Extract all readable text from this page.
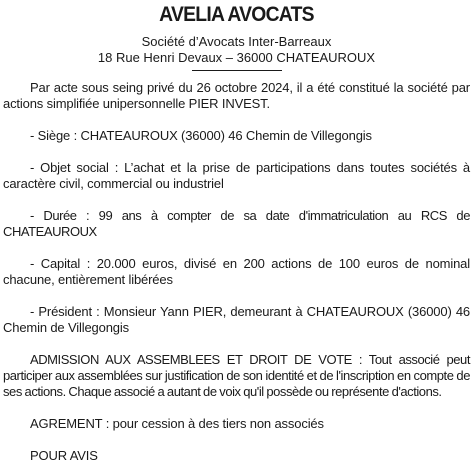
AVELIA AVOCATS

Société d’Avocats Inter-Barreaux

18 Rue Henri Devaux – 36000 CHATEAUROUX

Par acte sous seing privé du 26 octobre 2024, il a été constitué la société par actions simplifiée unipersonnelle PIER INVEST.

- Siège : CHATEAUROUX (36000) 46 Chemin de Villegongis

- Objet social : L’achat et la prise de participations dans toutes sociétés à caractère civil, commercial ou industriel

- Durée : 99 ans à compter de sa date d'immatriculation au RCS de CHATEAUROUX

- Capital : 20.000 euros, divisé en 200 actions de 100 euros de nominal chacune, entièrement libérées

- Président : Monsieur Yann PIER, demeurant à CHATEAUROUX (36000) 46 Chemin de Villegongis

ADMISSION AUX ASSEMBLEES ET DROIT DE VOTE : Tout associé peut participer aux assemblées sur justification de son identité et de l'inscription en compte de ses actions. Chaque associé a autant de voix qu'il possède ou représente d'actions.

AGREMENT : pour cession à des tiers non associés

POUR AVIS
